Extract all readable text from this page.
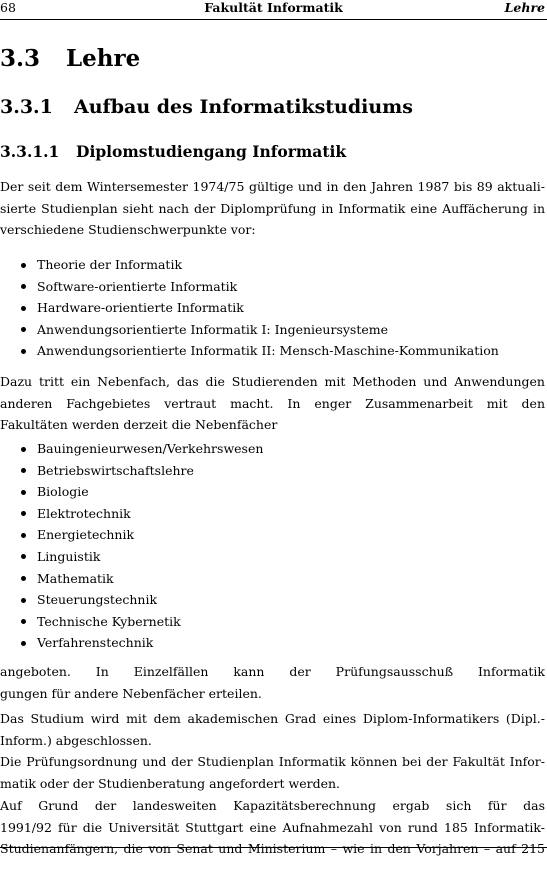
68	Fakultät Informatik	Lehre
3.3 Lehre
3.3.1 Aufbau des Informatikstudiums
3.3.1.1 Diplomstudiengang Informatik
Der seit dem Wintersemester 1974/75 gültige und in den Jahren 1987 bis 89 aktuali-
sierte Studienplan sieht nach der Diplomprüfung in Informatik eine Auffächerung in
verschiedene Studienschwerpunkte vor:
Theorie der Informatik
Software-orientierte Informatik
Hardware-orientierte Informatik
Anwendungsorientierte Informatik I: Ingenieursysteme
Anwendungsorientierte Informatik II: Mensch-Maschine-Kommunikation
Dazu tritt ein Nebenfach, das die Studierenden mit Methoden und Anwendungen
anderen Fachgebietes vertraut macht. In enger Zusammenarbeit mit den
Fakultäten werden derzeit die Nebenfächer
Bauingenieurwesen/Verkehrswesen
Betriebswirtschaftslehre
Biologie
Elektrotechnik
Energietechnik
Linguistik
Mathematik
Steuerungstechnik
Technische Kybernetik
Verfahrenstechnik
angeboten. In Einzelfällen kann der Prüfungsausschuß Informatik
gungen für andere Nebenfächer erteilen.
Das Studium wird mit dem akademischen Grad eines Diplom-Informatikers (Dipl.-
Inform.) abgeschlossen.
Die Prüfungsordnung und der Studienplan Informatik können bei der Fakultät Infor-
matik oder der Studienberatung angefordert werden.
Auf Grund der landesweiten Kapazitätsberechnung ergab sich für das
1991/92 für die Universität Stuttgart eine Aufnahmezahl von rund 185 Informatik-
Studienanfängern, die von Senat und Ministerium – wie in den Vorjahren – auf 215
